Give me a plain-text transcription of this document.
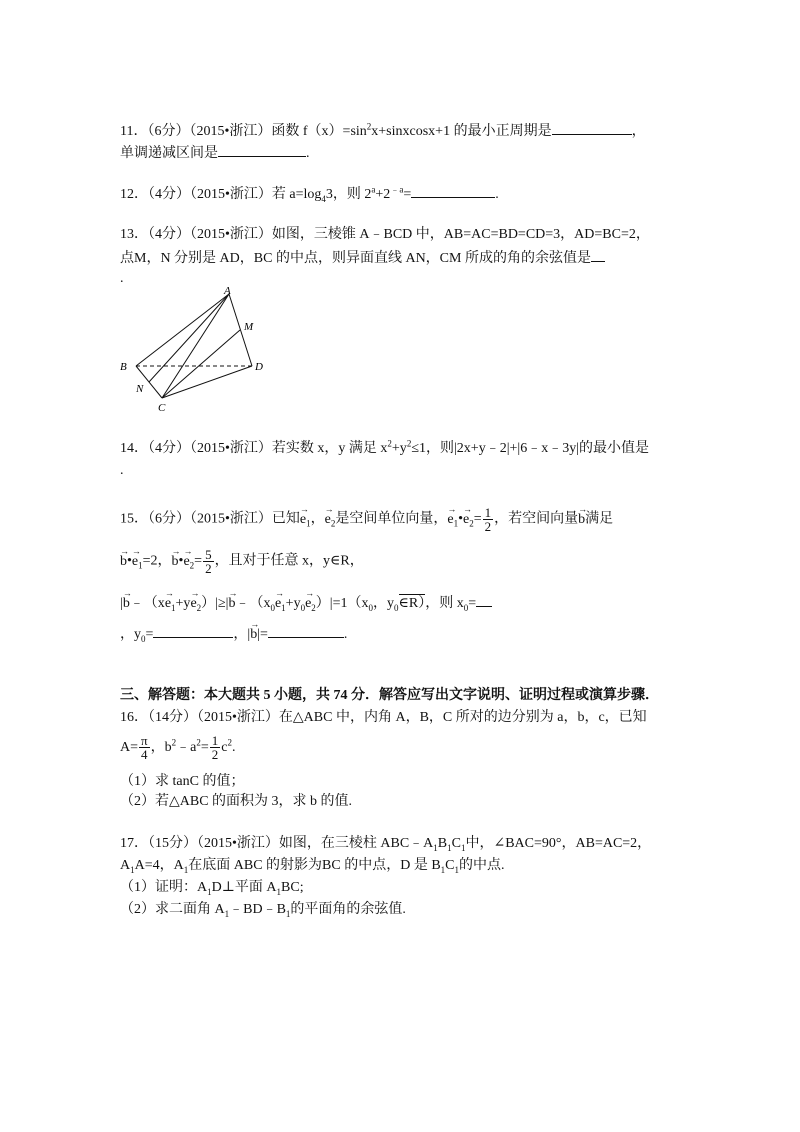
11．（6分）（2015•浙江）函数 $f(x)=\sin^2x+sinxcosx+1$ 的最小正周期是	，
单调递减区间是	.
12．（4分）（2015•浙江）若 $a=\log_43$，则 $2^a+2^{﹣a}=$	.
13．（4分）（2015•浙江）如图，三棱锥 A﹣BCD 中，AB=AC=BD=CD=3，AD=BC=2，
点M，N 分别是 AD，BC 的中点，则异面直线 AN，CM 所成的角的余弦值是
.
A
M
B	D
N
C
14．（4分）（2015•浙江）若实数 x，y 满足 $x^2+y^2\le 1$，则|2x+y﹣2|+|6﹣x﹣3y|的最小值是
.
15．（6分）（2015•浙江）已知→ $e_1$，→ $e_2$是空间单位向量，→ $e_1•\to e_2= \frac{1}{2}$ ，若空间向量→ b满足
→ b•→ $e_1=2$，→ b•→ $e_2= \frac{5}{2}$ ，且对于任意 x，y∈R，
|→ b﹣（x→ $e_1+y\to e_2)|\ge|\to$ $b﹣(x_0\to e_1+y_0\to e_2)|=1(x_0$，$y_0\in R$），则 $x_0=$
，$y_0=$	，|→ b|=	.
三、解答题：本大题共 5 小题，共 74 分．解答应写出文字说明、证明过程或演算步骤．
16．（14分）（2015•浙江）在△ABC 中，内角 A，B，C 所对的边分别为 a，b，c，已知
$A= \frac{\pi}{4}$ ，$b^2﹣a^2= \frac{1}{2} c^2$.
（1）求 tanC 的值；
（2）若△ABC 的面积为 3，求 b 的值.
17．（15分）（2015•浙江）如图，在三棱柱 $ABC﹣A_1B_1C_1$中，∠BAC=90°，AB=AC=2，
$A_1A=4$，$A_1$在底面 ABC 的射影为BC 的中点，D 是 $B_1C_1$的中点.
（1）证明：$A_1D\perp$平面 $A_1BC$;
（2）求二面角 $A_1﹣BD﹣B_1$的平面角的余弦值.
